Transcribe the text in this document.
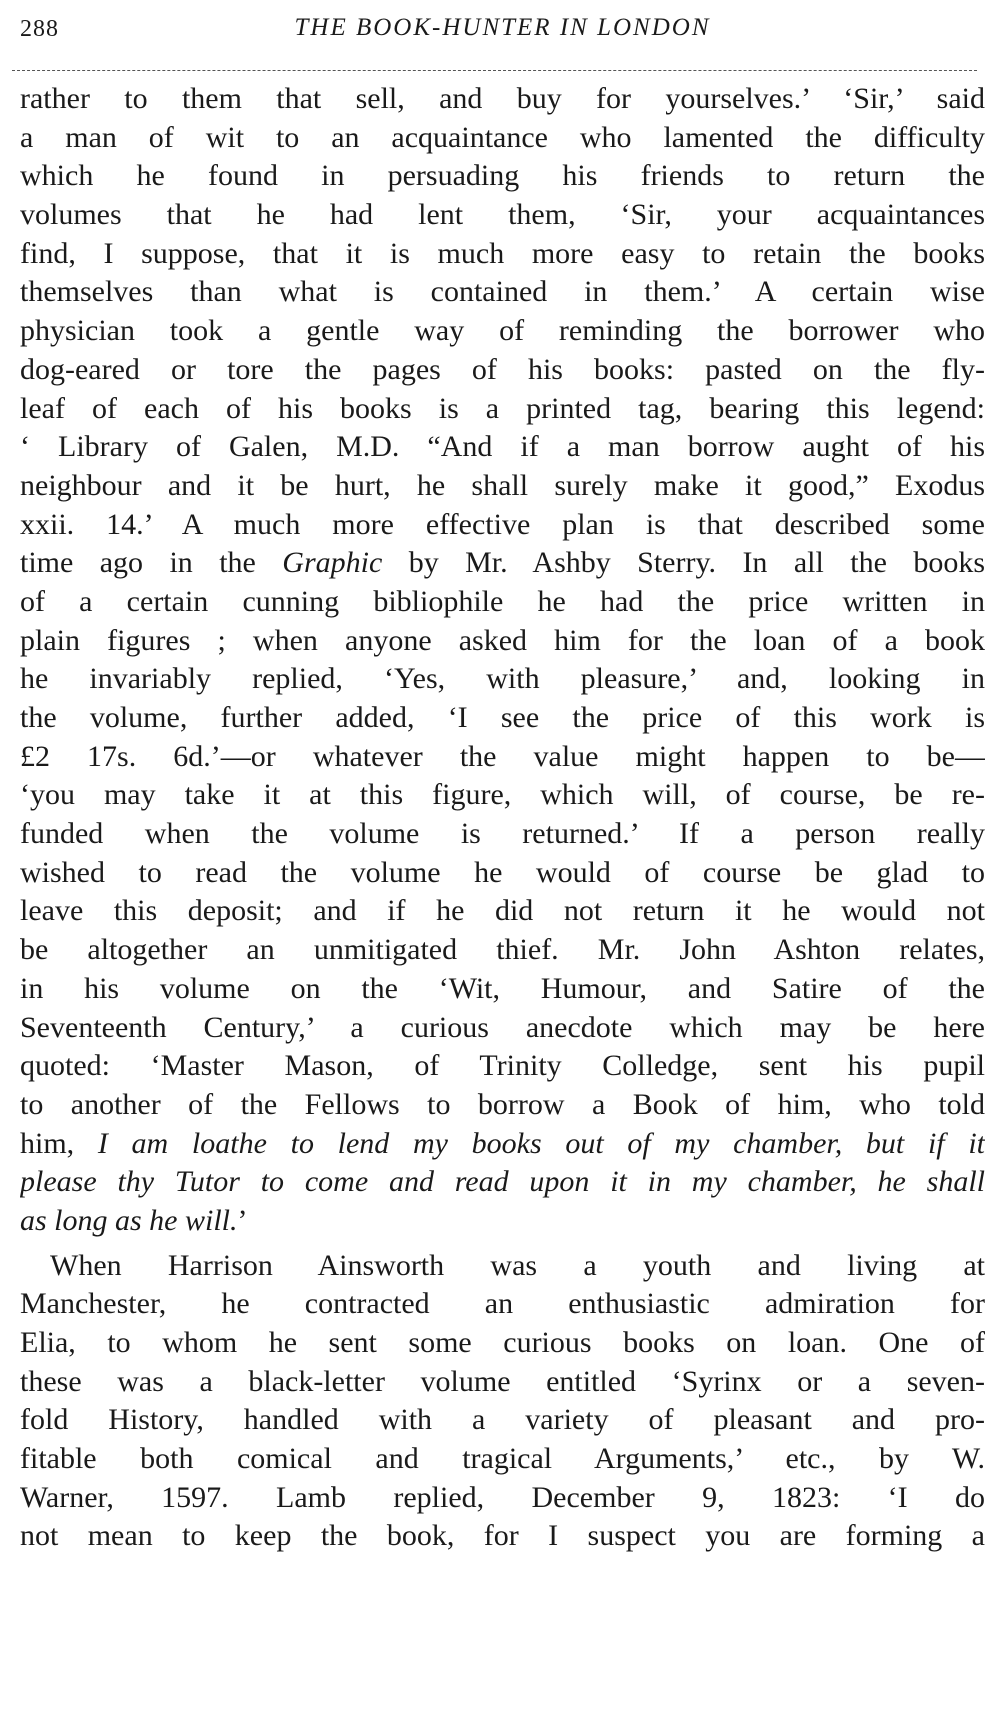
288	THE BOOK-HUNTER IN LONDON
rather to them that sell, and buy for yourselves.’ ‘Sir,’ said
a man of wit to an acquaintance who lamented the difficulty
which he found in persuading his friends to return the
volumes that he had lent them, ‘Sir, your acquaintances
find, I suppose, that it is much more easy to retain the books
themselves than what is contained in them.’ A certain wise
physician took a gentle way of reminding the borrower who
dog-eared or tore the pages of his books: pasted on the fly-
leaf of each of his books is a printed tag, bearing this legend:
‘ Library of Galen, M.D. “And if a man borrow aught of his
neighbour and it be hurt, he shall surely make it good,” Exodus
xxii. 14.’ A much more effective plan is that described some
time ago in the Graphic by Mr. Ashby Sterry. In all the books
of a certain cunning bibliophile he had the price written in
plain figures ; when anyone asked him for the loan of a book
he invariably replied, ‘Yes, with pleasure,’ and, looking in
the volume, further added, ‘I see the price of this work is
£2 17s. 6d.’—or whatever the value might happen to be—
‘you may take it at this figure, which will, of course, be re-
funded when the volume is returned.’ If a person really
wished to read the volume he would of course be glad to
leave this deposit; and if he did not return it he would not
be altogether an unmitigated thief. Mr. John Ashton relates,
in his volume on the ‘Wit, Humour, and Satire of the
Seventeenth Century,’ a curious anecdote which may be here
quoted: ‘Master Mason, of Trinity Colledge, sent his pupil
to another of the Fellows to borrow a Book of him, who told
him, I am loathe to lend my books out of my chamber, but if it
please thy Tutor to come and read upon it in my chamber, he shall
as long as he will.’
When Harrison Ainsworth was a youth and living at
Manchester, he contracted an enthusiastic admiration for
Elia, to whom he sent some curious books on loan. One of
these was a black-letter volume entitled ‘Syrinx or a seven-
fold History, handled with a variety of pleasant and pro-
fitable both comical and tragical Arguments,’ etc., by W.
Warner, 1597. Lamb replied, December 9, 1823: ‘I do
not mean to keep the book, for I suspect you are forming a
